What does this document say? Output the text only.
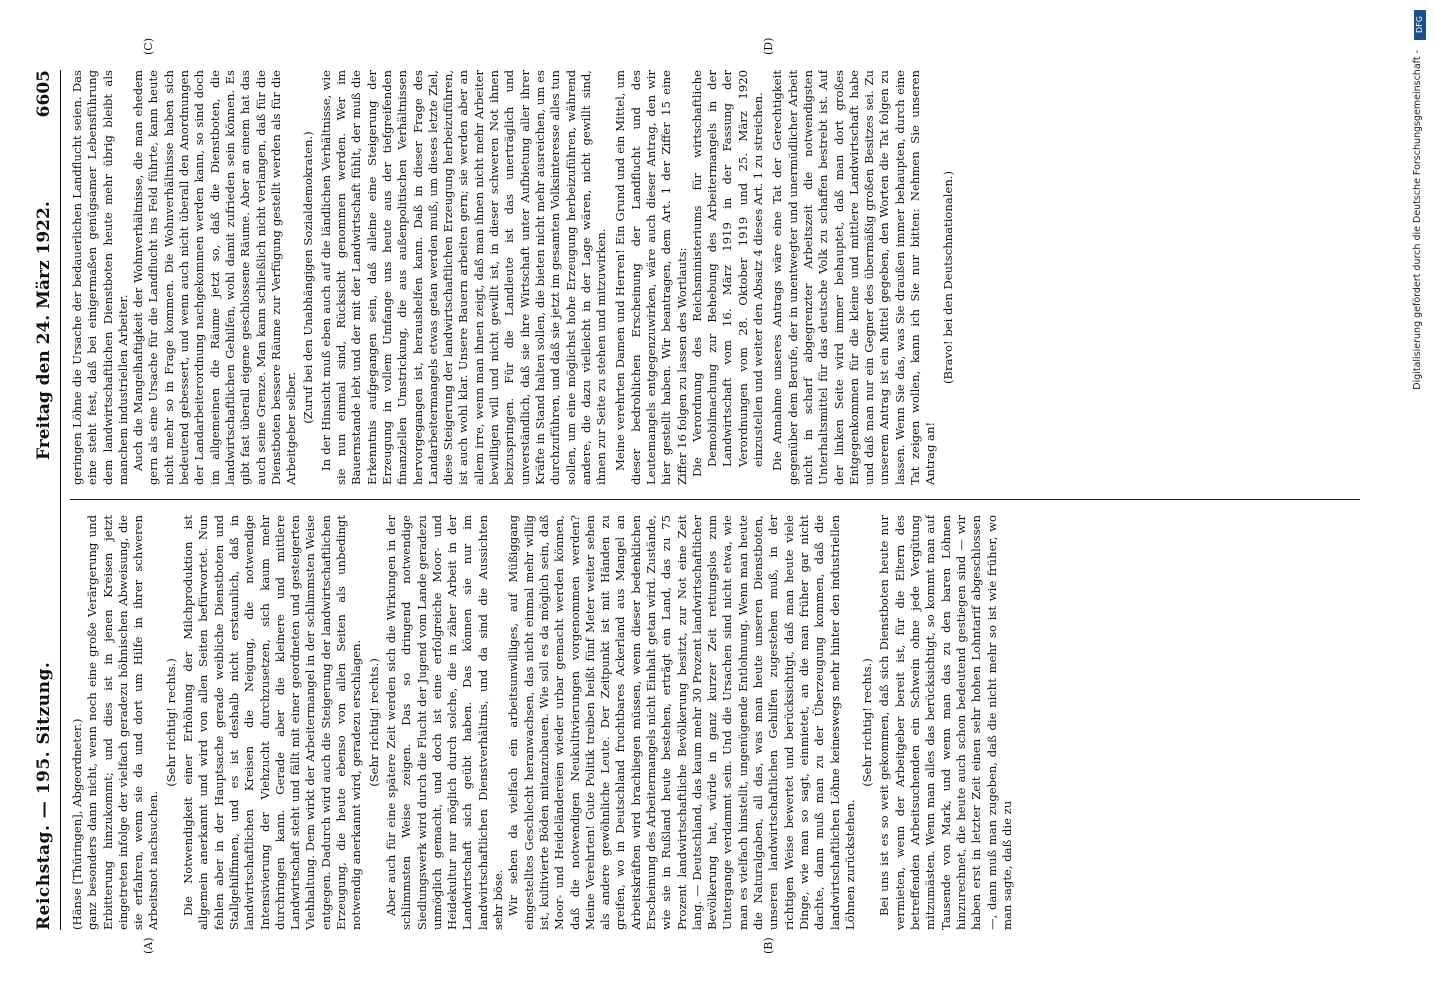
Reichstag. — 195. Sitzung.
Freitag den 24. März 1922.
6605
(A)	(B)
(C)	(D)

(Hänse [Thüringen], Abgeordneter.) ganz besonders dann nicht, wenn noch eine große Verärgerung und Erbitterung hinzukommt; und dies ist in jenen Kreisen jetzt eingetreten infolge der vielfach geradezu höhnischen Abweisung, die sie erfahren, wenn sie da und dort um Hilfe in ihrer schweren Arbeitsnot nachsuchen.

(Sehr richtig! rechts.) Die Notwendigkeit einer Erhöhung der Milchproduktion ist allgemein anerkannt und wird von allen Seiten befürwortet. Nun fehlen aber in der Hauptsache gerade weibliche Dienstboten und Stallgehilfinnen, und es ist deshalb nicht erstaunlich, daß in landwirtschaftlichen Kreisen die Neigung, die notwendige Intensivierung der Viehzucht durchzusetzen, sich kaum mehr durchringen kann. Gerade aber die kleinere und mittlere Landwirtschaft steht und fällt mit einer geordneten und gesteigerten Viehhaltung. Dem wirkt der Arbeitermangel in der schlimmsten Weise entgegen. Dadurch wird auch die Steigerung der landwirtschaftlichen Erzeugung, die heute ebenso von allen Seiten als unbedingt notwendig anerkannt wird, geradezu erschlagen. (Sehr richtig! rechts.) Aber auch für eine spätere Zeit werden sich die Wirkungen in der schlimmsten Weise zeigen. Das so dringend notwendige Siedlungswerk wird durch die Flucht der Jugend vom Lande geradezu unmöglich gemacht, und doch ist eine erfolgreiche Moor- und Heidekultur nur möglich durch solche, die in zäher Arbeit in der Landwirtschaft sich geübt haben. Das können sie nur im landwirtschaftlichen Dienstverhältnis, und da sind die Aussichten sehr böse. Wir sehen da vielfach ein arbeitsunwilliges, auf Müßiggang eingestelltes Geschlecht heranwachsen, das nicht einmal mehr willig ist, kultivierte Böden mitanzubauen. Wie soll es da möglich sein, daß Moor- und Heideländereien wieder urbar gemacht werden können, daß die notwendigen Neukultivierungen vorgenommen werden? Meine Verehrten! Gute Politik treiben heißt fünf Meter weiter sehen als andere gewöhnliche Leute. Der Zeitpunkt ist mit Händen zu greifen, wo in Deutschland fruchtbares Ackerland aus Mangel an Arbeitskräften wird brachliegen müssen, wenn dieser bedenklichen Erscheinung des Arbeitermangels nicht Einhalt getan wird. Zustände, wie sie in Rußland heute bestehen, erträgt ein Land, das zu 75 Prozent landwirtschaftliche Bevölkerung besitzt, zur Not eine Zeit lang. — Deutschland, das kaum mehr 30 Prozent landwirtschaftlicher Bevölkerung hat, würde in ganz kurzer Zeit rettungslos zum Untergange verdammt sein. Und die Ursachen sind nicht etwa, wie man es vielfach hinstellt, ungenügende Entlohnung. Wenn man heute die Naturalgaben, all das, was man heute unseren Dienstboten, unseren landwirtschaftlichen Gehilfen zugestehen muß, in der richtigen Weise bewertet und berücksichtigt, daß man heute viele Dinge, wie man so sagt, einmietet, an die man früher gar nicht dachte, dann muß man zu der Überzeugung kommen, daß die landwirtschaftlichen Löhne keineswegs mehr hinter den industriellen Löhnen zurückstehen.

(Sehr richtig! rechts.) Bei uns ist es so weit gekommen, daß sich Dienstboten heute nur vermieten, wenn der Arbeitgeber bereit ist, für die Eltern des betreffenden Arbeitsuchenden ein Schwein ohne jede Vergütung mitzumästen. Wenn man alles das berücksichtigt, so kommt man auf Tausende von Mark, und wenn man das zu den baren Löhnen hinzurechnet, die heute auch schon bedeutend gestiegen sind — wir haben erst in letzter Zeit einen sehr hohen Lohntarif abgeschlossen —, dann muß man zugeben, daß die nicht mehr so ist wie früher, wo man sagte, daß die zu

geringen Löhne die Ursache der bedauerlichen Landflucht seien. Das eine steht fest, daß bei einigermaßen genügsamer Lebensführung dem landwirtschaftlichen Dienstboten heute mehr übrig bleibt als manchem industriellen Arbeiter. Auch die Mangelhaftigkeit der Wohnverhältnisse, die man ehedem gern als eine Ursache für die Landflucht ins Feld führte, kann heute nicht mehr so in Frage kommen. Die Wohnverhältnisse haben sich bedeutend gebessert, und wenn auch nicht überall den Anordnungen der Landarbeiterordnung nachgekommen werden kann, so sind doch im allgemeinen die Räume jetzt so, daß die Dienstboten, die landwirtschaftlichen Gehilfen, wohl damit zufrieden sein können. Es gibt fast überall eigene geschlossene Räume. Aber an einem hat das auch seine Grenze. Man kann schließlich nicht verlangen, daß für die Dienstboten bessere Räume zur Verfügung gestellt werden als für die Arbeitgeber selber.

(Zuruf bei den Unabhängigen Sozialdemokraten.) In der Hinsicht muß eben auch auf die ländlichen Verhältnisse, wie sie nun einmal sind, Rücksicht genommen werden. Wer im Bauernstande lebt und der mit der Landwirtschaft fühlt, der muß die Erkenntnis aufgegangen sein, daß alleine eine Steigerung der Erzeugung in vollem Umfange uns heute aus der tiefgreifenden finanziellen Umstrickung, die aus außenpolitischen Verhältnissen hervorgegangen ist, heraushelfen kann. Daß in dieser Frage des Landarbeitermangels etwas getan werden muß, um dieses letzte Ziel, diese Steigerung der landwirtschaftlichen Erzeugung herbeizuführen, ist auch wohl klar. Unsere Bauern arbeiten gern; sie werden aber an allem irre, wenn man ihnen zeigt, daß man ihnen nicht mehr Arbeiter bewilligen will und nicht gewillt ist, in dieser schweren Not ihnen beizuspringen. Für die Landleute ist das unerträglich und unverständlich, daß sie ihre Wirtschaft unter Aufbietung aller ihrer Kräfte in Stand halten sollen, die bieten nicht mehr ausreichen, um es durchzuführen, und daß sie jetzt im gesamten Volksinteresse alles tun sollen, um eine möglichst hohe Erzeugung herbeizuführen, während andere, die dazu vielleicht in der Lage wären, nicht gewillt sind, ihnen zur Seite zu stehen und mitzuwirken. Meine verehrten Damen und Herren! Ein Grund und ein Mittel, um dieser bedrohlichen Erscheinung der Landflucht und des Leutemangels entgegenzuwirken, wäre auch dieser Antrag, den wir hier gestellt haben. Wir beantragen, dem Art. 1 der Ziffer 15 eine Ziffer 16 folgen zu lassen des Wortlauts: Die Verordnung des Reichsministeriums für wirtschaftliche Demobilmachung zur Behebung des Arbeitermangels in der Landwirtschaft vom 16. März 1919 in der Fassung der Verordnungen vom 28. Oktober 1919 und 25. März 1920 einzustellen und weiter den Absatz 4 dieses Art. 1 zu streichen. Die Annahme unseres Antrags wäre eine Tat der Gerechtigkeit gegenüber dem Berufe, der in unentwegter und unermüdlicher Arbeit nicht in scharf abgegrenzter Arbeitszeit die notwendigsten Unterhaltsmittel für das deutsche Volk zu schaffen bestrebt ist. Auf der linken Seite wird immer behauptet, daß man dort großes Entgegenkommen für die kleine und mittlere Landwirtschaft habe und daß man nur ein Gegner des übermäßig großen Besitzes sei. Zu unserem Antrag ist ein Mittel gegeben, den Worten die Tat folgen zu lassen. Wenn Sie das, was Sie draußen immer behaupten, durch eine Tat zeigen wollen, kann ich Sie nur bitten: Nehmen Sie unseren Antrag an!

(Bravo! bei den Deutschnationalen.)

DFG
Digitalisierung gefördert durch die Deutsche Forschungsgemeinschaft -
